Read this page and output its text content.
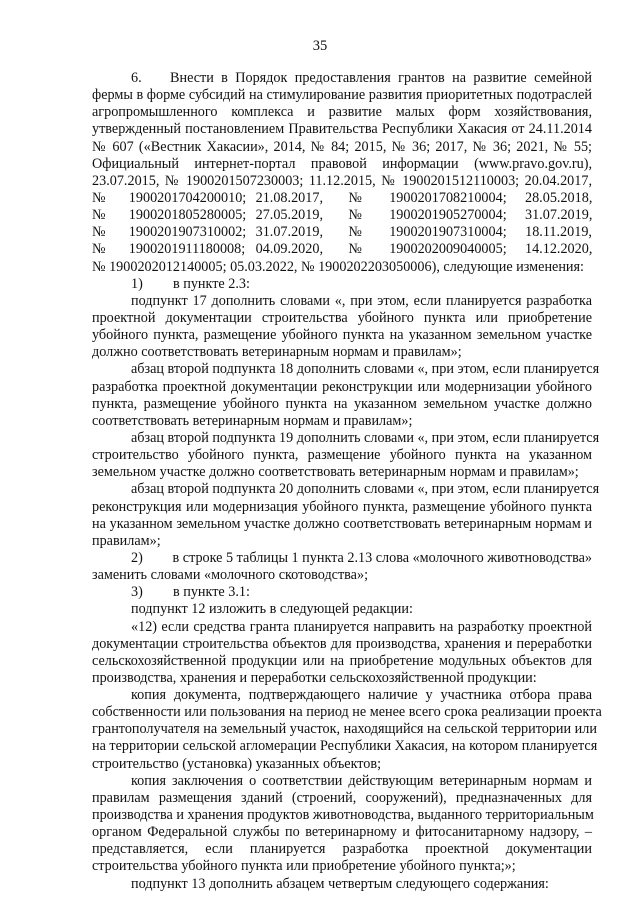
35
6.  Внести в Порядок предоставления грантов на развитие семейной
фермы в форме субсидий на стимулирование развития приоритетных подотраслей
агропромышленного комплекса и развитие малых форм хозяйствования,
утвержденный постановлением Правительства Республики Хакасия от 24.11.2014
№ 607 («Вестник Хакасии», 2014, № 84; 2015, № 36; 2017, № 36; 2021, № 55;
Официальный интернет-портал правовой информации (www.pravo.gov.ru),
23.07.2015, № 1900201507230003; 11.12.2015, № 1900201512110003; 20.04.2017,
№ 1900201704200010; 21.08.2017, №	1900201708210004; 28.05.2018,
№ 1900201805280005; 27.05.2019, №	1900201905270004; 31.07.2019,
№ 1900201907310002; 31.07.2019, №	1900201907310004; 18.11.2019,
№ 1900201911180008; 04.09.2020, №	1900202009040005; 14.12.2020,
№ 1900202012140005; 05.03.2022, № 1900202203050006), следующие изменения:
1)	в пункте 2.3:
подпункт 17 дополнить словами «, при этом, если планируется разработка
проектной документации строительства убойного пункта или приобретение
убойного пункта, размещение убойного пункта на указанном земельном участке
должно соответствовать ветеринарным нормам и правилам»;
абзац второй подпункта 18 дополнить словами «, при этом, если планируется
разработка проектной документации реконструкции или модернизации убойного
пункта, размещение убойного пункта на указанном земельном участке должно
соответствовать ветеринарным нормам и правилам»;
абзац второй подпункта 19 дополнить словами «, при этом, если планируется
строительство убойного пункта, размещение убойного пункта на указанном
земельном участке должно соответствовать ветеринарным нормам и правилам»;
абзац второй подпункта 20 дополнить словами «, при этом, если планируется
реконструкция или модернизация убойного пункта, размещение убойного пункта
на указанном земельном участке должно соответствовать ветеринарным нормам и
правилам»;
2)	в строке 5 таблицы 1 пункта 2.13 слова «молочного животноводства»
заменить словами «молочного скотоводства»;
3)	в пункте 3.1:
подпункт 12 изложить в следующей редакции:
«12) если средства гранта планируется направить на разработку проектной
документации строительства объектов для производства, хранения и переработки
сельскохозяйственной продукции или на приобретение модульных объектов для
производства, хранения и переработки сельскохозяйственной продукции:
копия документа, подтверждающего наличие у участника отбора права
собственности или пользования на период не менее всего срока реализации проекта
грантополучателя на земельный участок, находящийся на сельской территории или
на территории сельской агломерации Республики Хакасия, на котором планируется
строительство (установка) указанных объектов;
копия заключения о соответствии действующим ветеринарным нормам и
правилам размещения зданий (строений, сооружений), предназначенных для
производства и хранения продуктов животноводства, выданного территориальным
органом Федеральной службы по ветеринарному и фитосанитарному надзору, –
представляется, если планируется разработка проектной документации
строительства убойного пункта или приобретение убойного пункта;»;
подпункт 13 дополнить абзацем четвертым следующего содержания:
